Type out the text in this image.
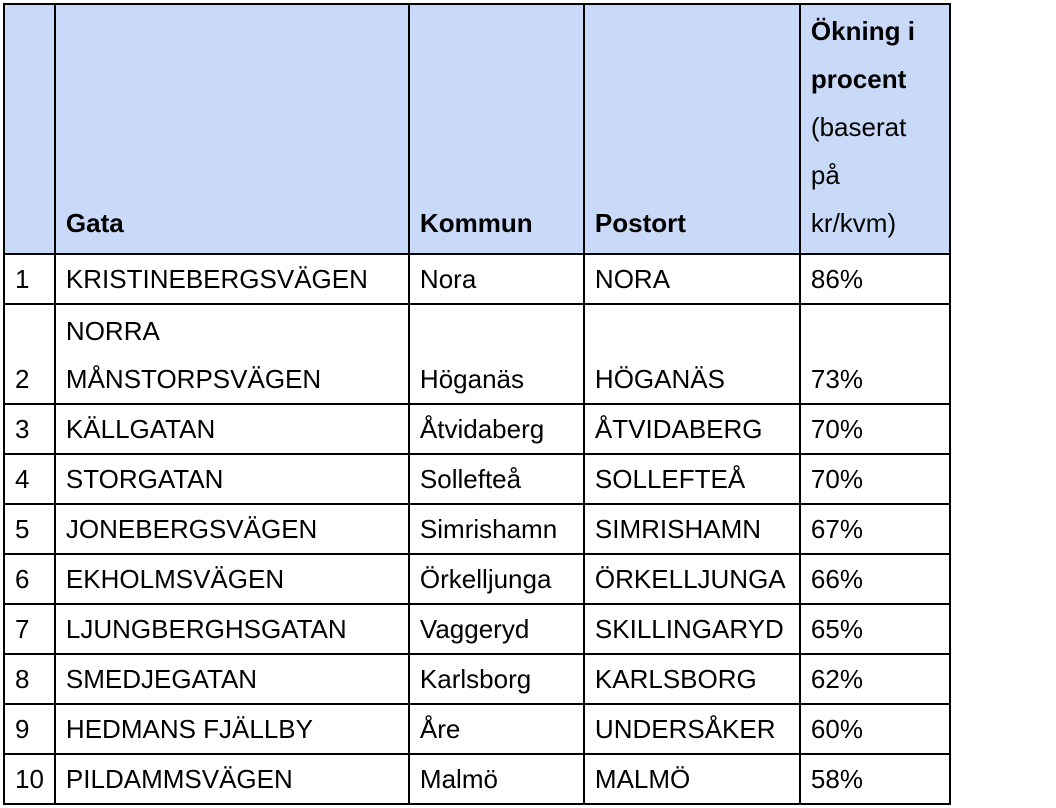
	Gata	Kommun	Postort	Ökning i
procent
(baserat
på
kr/kvm)

1	KRISTINEBERGSVÄGEN	Nora	NORA	86%
2	NORRA
MÅNSTORPSVÄGEN	Höganäs	HÖGANÄS	73%
3	KÄLLGATAN	Åtvidaberg	ÅTVIDABERG	70%
4	STORGATAN	Sollefteå	SOLLEFTEÅ	70%
5	JONEBERGSVÄGEN	Simrishamn	SIMRISHAMN	67%
6	EKHOLMSVÄGEN	Örkelljunga	ÖRKELLJUNGA	66%
7	LJUNGBERGHSGATAN	Vaggeryd	SKILLINGARYD	65%
8	SMEDJEGATAN	Karlsborg	KARLSBORG	62%
9	HEDMANS FJÄLLBY	Åre	UNDERSÅKER	60%
10	PILDAMMSVÄGEN	Malmö	MALMÖ	58%
